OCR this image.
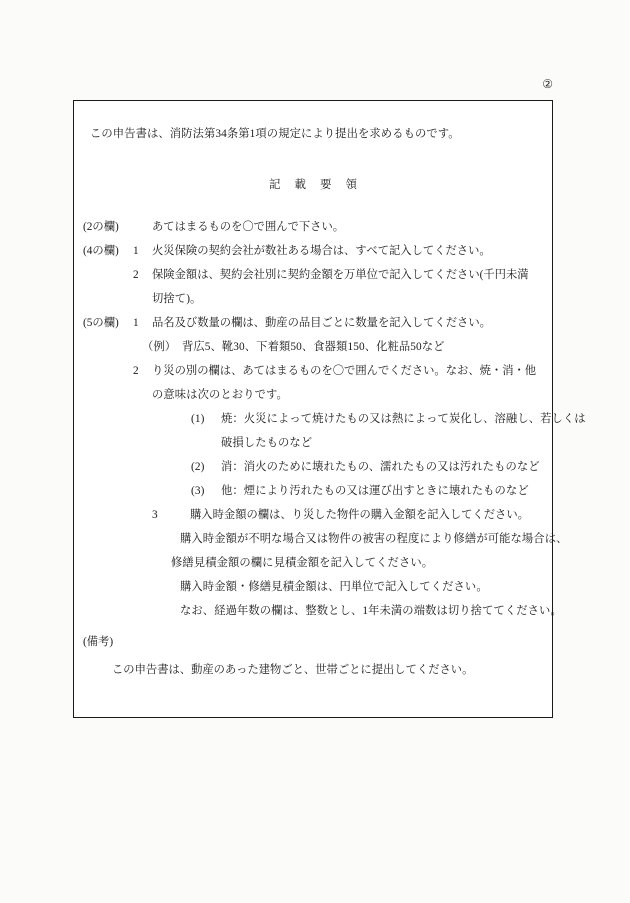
②
この申告書は、消防法第34条第1項の規定により提出を求めるものです。
記載要領
(2の欄)	あてはまるものを〇で囲んで下さい。
(4の欄)	1	火災保険の契約会社が数社ある場合は、すべて記入してください。
2	保険金額は、契約会社別に契約金額を万単位で記入してください(千円未満
切捨て)。
(5の欄)	1	品名及び数量の欄は、動産の品目ごとに数量を記入してください。
（例）　背広5、靴30、下着類50、食器類150、化粧品50など
2	り災の別の欄は、あてはまるものを〇で囲んでください。なお、焼・消・他
の意味は次のとおりです。
(1) 焼：火災によって焼けたもの又は熱によって炭化し、溶融し、若しくは
破損したものなど
(2) 消：消火のために壊れたもの、濡れたもの又は汚れたものなど
(3) 他：煙により汚れたもの又は運び出すときに壊れたものなど
3	購入時金額の欄は、り災した物件の購入金額を記入してください。
購入時金額が不明な場合又は物件の被害の程度により修繕が可能な場合は、
修繕見積金額の欄に見積金額を記入してください。
購入時金額・修繕見積金額は、円単位で記入してください。
なお、経過年数の欄は、整数とし、1年未満の端数は切り捨ててください。
(備考)
この申告書は、動産のあった建物ごと、世帯ごとに提出してください。
